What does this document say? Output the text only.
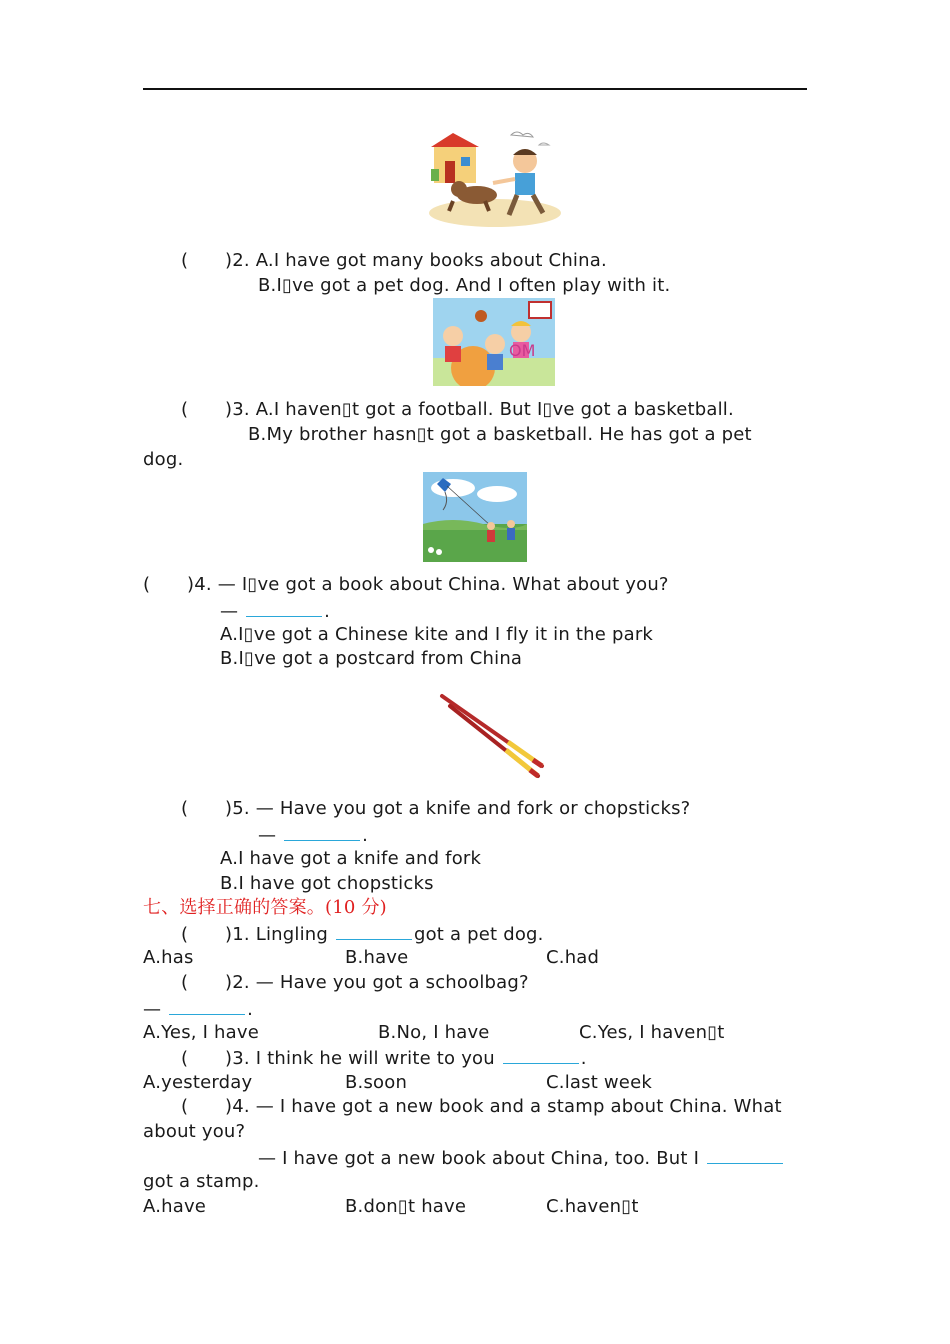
( )2. A.I have got many books about China.
B.I▯ve got a pet dog. And I often play with it.
OM
( )3. A.I haven▯t got a football. But I▯ve got a basketball.
B.My brother hasn▯t got a basketball. He has got a pet
dog.
( )4. — I▯ve got a book about China. What about you?
—	.
A.I▯ve got a Chinese kite and I fly it in the park
B.I▯ve got a postcard from China
( )5. — Have you got a knife and fork or chopsticks?
—	.
A.I have got a knife and fork
B.I have got chopsticks
七、选择正确的答案。(10 分)
( )1. Lingling	got a pet dog.
A.has	B.have	C.had
( )2. — Have you got a schoolbag?
—	.
A.Yes, I have	B.No, I have	C.Yes, I haven▯t
( )3. I think he will write to you	.
A.yesterday	B.soon	C.last week
( )4. — I have got a new book and a stamp about China. What
about you?
— I have got a new book about China, too. But I
got a stamp.
A.have	B.don▯t have	C.haven▯t
